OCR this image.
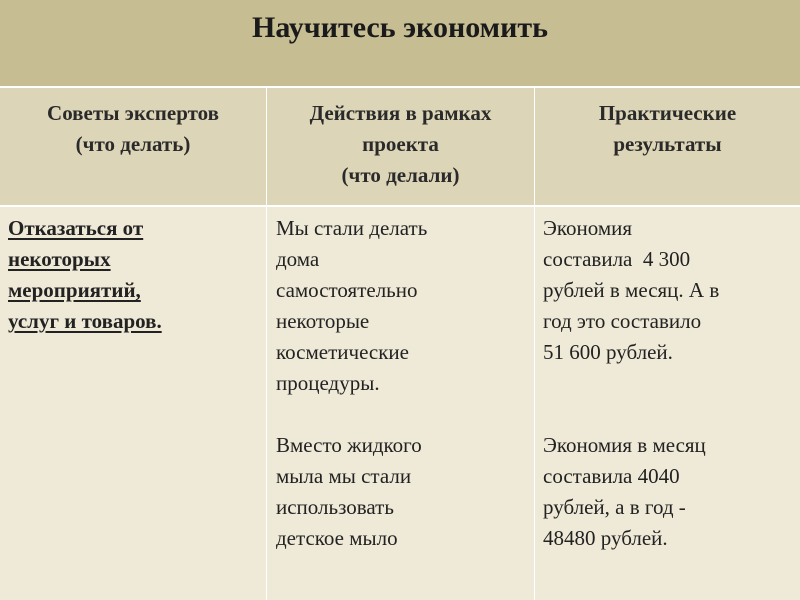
Научитесь экономить
Советы экспертов
(что делать)
Отказаться от
некоторых
мероприятий,
услуг и товаров.
Действия в рамках
проекта
(что делали)
Мы стали делать
дома
самостоятельно
некоторые
косметические
процедуры.
Вместо жидкого
мыла мы стали
использовать
детское мыло
Практические
результаты
Экономия
составила  4 300
рублей в месяц. А в
год это составило
51 600 рублей.
Экономия в месяц
составила 4040
рублей, а в год -
48480 рублей.
